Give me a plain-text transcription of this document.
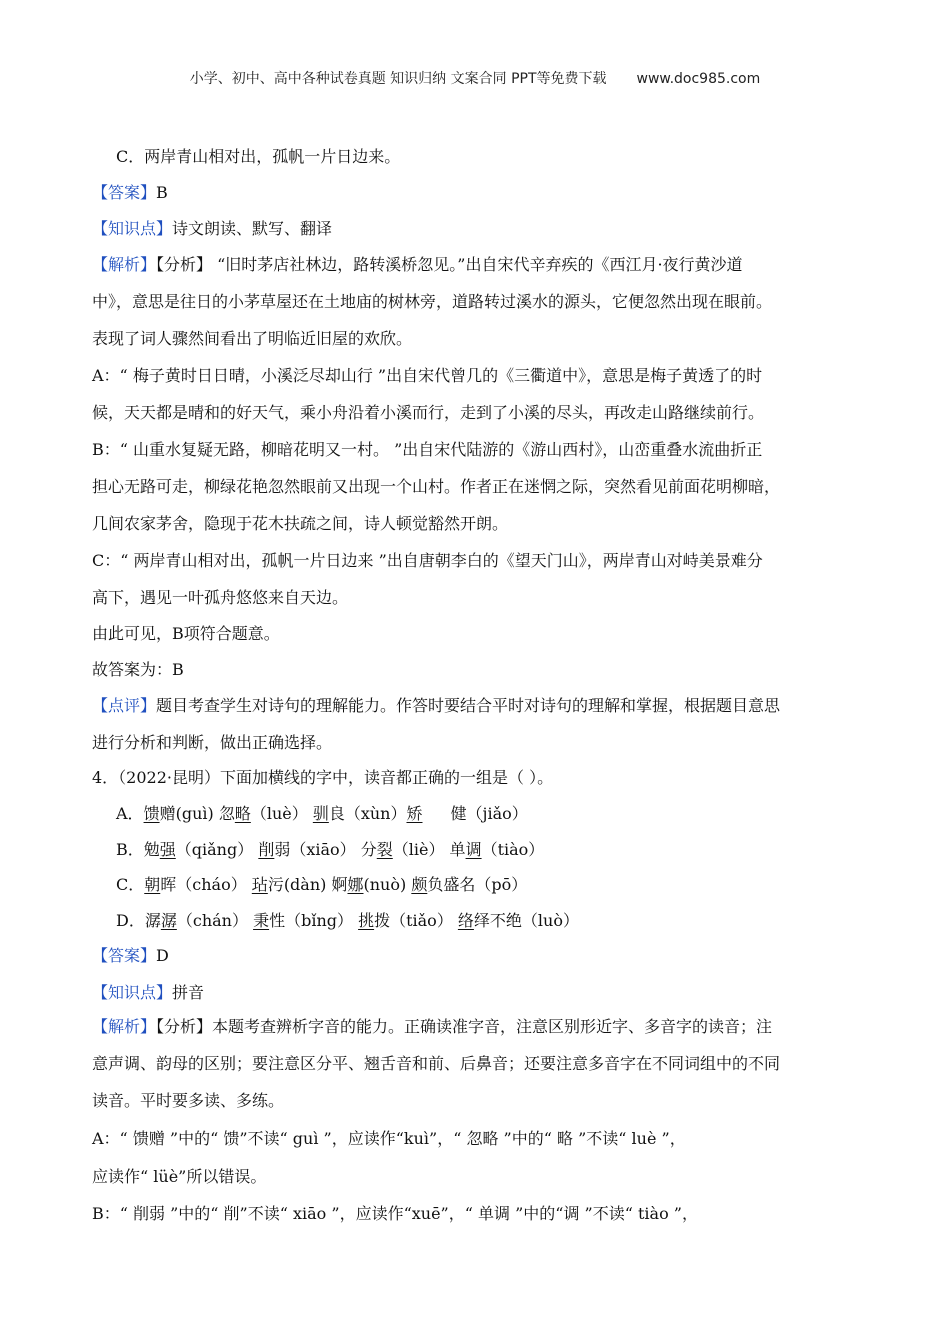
小学、初中、高中各种试卷真题 知识归纳 文案合同 PPT等免费下载 www.doc985.com
C．两岸青山相对出，孤帆一片日边来。
【答案】B
【知识点】诗文朗读、默写、翻译
【解析】【分析】 “旧时茅店社林边，路转溪桥忽见。”出自宋代辛弃疾的《西江月·夜行黄沙道
中》，意思是往日的小茅草屋还在土地庙的树林旁，道路转过溪水的源头，它便忽然出现在眼前。
表现了词人骤然间看出了明临近旧屋的欢欣。
A：“ 梅子黄时日日晴，小溪泛尽却山行 ”出自宋代曾几的《三衢道中》，意思是梅子黄透了的时
候，天天都是晴和的好天气，乘小舟沿着小溪而行，走到了小溪的尽头，再改走山路继续前行。
B：“ 山重水复疑无路，柳暗花明又一村。 ”出自宋代陆游的《游山西村》，山峦重叠水流曲折正
担心无路可走，柳绿花艳忽然眼前又出现一个山村。作者正在迷惘之际，突然看见前面花明柳暗，
几间农家茅舍，隐现于花木扶疏之间，诗人顿觉豁然开朗。
C：“ 两岸青山相对出，孤帆一片日边来 ”出自唐朝李白的《望天门山》，两岸青山对峙美景难分
高下，遇见一叶孤舟悠悠来自天边。
由此可见，B项符合题意。
故答案为：B
【点评】题目考查学生对诗句的理解能力。作答时要结合平时对诗句的理解和掌握，根据题目意思
进行分析和判断，做出正确选择。
4．（2022·昆明）下面加横线的字中，读音都正确的一组是（ ）。
A．馈赠(guì) 忽略（luè） 驯良（xùn）矫 健（jiǎo）
B．勉强（qiǎng） 削弱（xiāo） 分裂（liè） 单调（tiào）
C．朝晖（cháo） 玷污(dàn) 婀娜(nuò) 颇负盛名（pō）
D．潺潺（chán） 秉性（bǐng） 挑拨（tiǎo） 络绎不绝（luò）
【答案】D
【知识点】拼音
【解析】【分析】本题考查辨析字音的能力。正确读准字音，注意区别形近字、多音字的读音；注
意声调、韵母的区别；要注意区分平、翘舌音和前、后鼻音；还要注意多音字在不同词组中的不同
读音。平时要多读、多练。
A：“ 馈赠 ”中的“ 馈”不读“ guì ”，应读作“kuì”，“ 忽略 ”中的“ 略 ”不读“ luè ”，
应读作“ lüè”所以错误。
B：“ 削弱 ”中的“ 削”不读“ xiāo ”，应读作“xuē”，“ 单调 ”中的“调 ”不读“ tiào ”，
